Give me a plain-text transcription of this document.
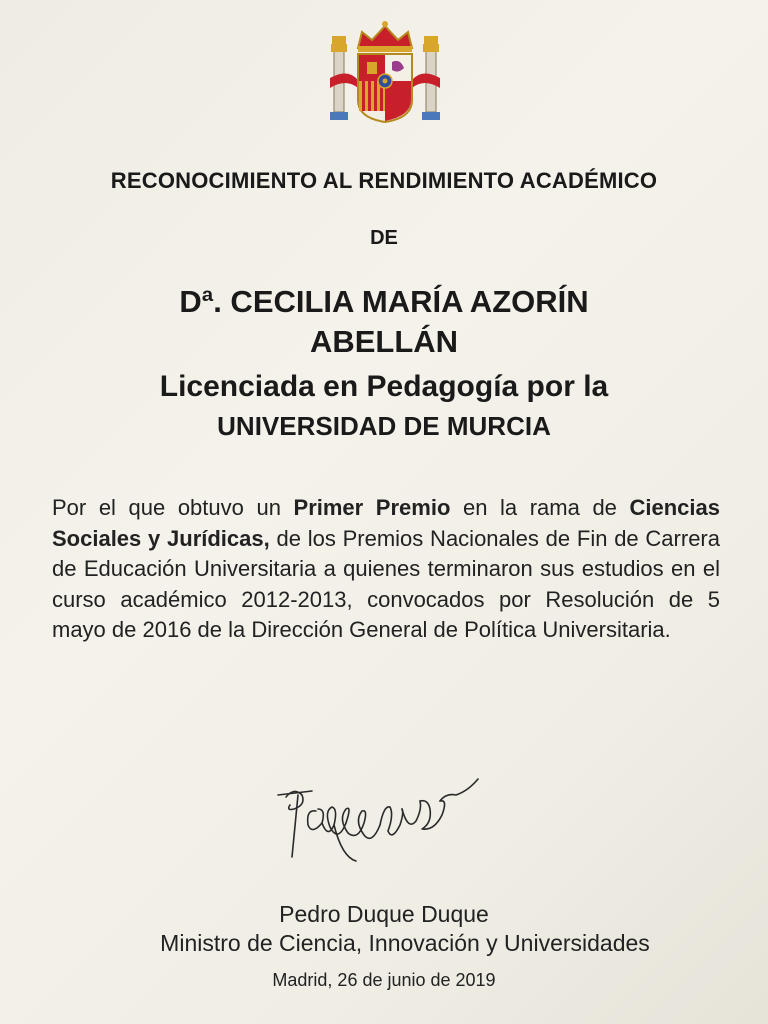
RECONOCIMIENTO AL RENDIMIENTO ACADÉMICO
DE
Dª. CECILIA MARÍA AZORÍN
ABELLÁN
Licenciada en Pedagogía por la
UNIVERSIDAD DE MURCIA
Por el que obtuvo un Primer Premio en la rama de Ciencias Sociales y Jurídicas, de los Premios Nacionales de Fin de Carrera de Educación Universitaria a quienes terminaron sus estudios en el curso académico 2012-2013, convocados por Resolución de 5 mayo de 2016 de la Dirección General de Política Universitaria.
Pedro Duque Duque
Ministro de Ciencia, Innovación y Universidades
Madrid, 26 de junio de 2019
